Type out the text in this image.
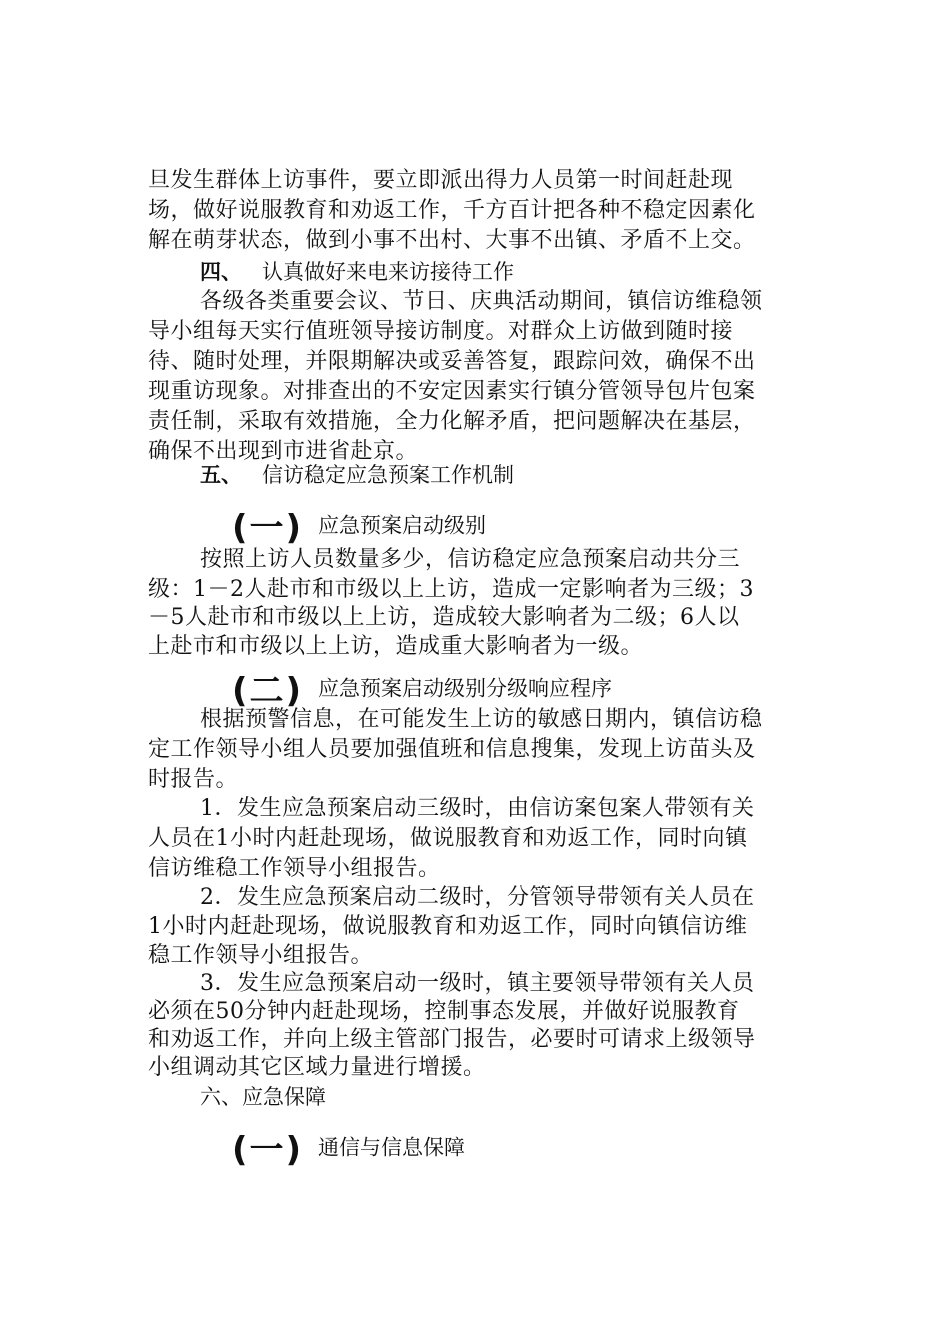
旦发生群体上访事件，要立即派出得力人员第一时间赶赴现
场，做好说服教育和劝返工作，千方百计把各种不稳定因素化
解在萌芽状态，做到小事不出村、大事不出镇、矛盾不上交。
四、 认真做好来电来访接待工作
各级各类重要会议、节日、庆典活动期间，镇信访维稳领
导小组每天实行值班领导接访制度。对群众上访做到随时接
待、随时处理，并限期解决或妥善答复，跟踪问效，确保不出
现重访现象。对排查出的不安定因素实行镇分管领导包片包案
责任制，采取有效措施，全力化解矛盾，把问题解决在基层，
确保不出现到市进省赴京。
五、 信访稳定应急预案工作机制
(一) 应急预案启动级别
按照上访人员数量多少，信访稳定应急预案启动共分三
级：1－2人赴市和市级以上上访，造成一定影响者为三级；3
－5人赴市和市级以上上访，造成较大影响者为二级；6人以
上赴市和市级以上上访，造成重大影响者为一级。
(二) 应急预案启动级别分级响应程序
根据预警信息，在可能发生上访的敏感日期内，镇信访稳
定工作领导小组人员要加强值班和信息搜集，发现上访苗头及
时报告。
1．发生应急预案启动三级时，由信访案包案人带领有关
人员在1小时内赶赴现场，做说服教育和劝返工作，同时向镇
信访维稳工作领导小组报告。
2．发生应急预案启动二级时，分管领导带领有关人员在
1小时内赶赴现场，做说服教育和劝返工作，同时向镇信访维
稳工作领导小组报告。
3．发生应急预案启动一级时，镇主要领导带领有关人员
必须在50分钟内赶赴现场，控制事态发展，并做好说服教育
和劝返工作，并向上级主管部门报告，必要时可请求上级领导
小组调动其它区域力量进行增援。
六、应急保障
(一) 通信与信息保障
